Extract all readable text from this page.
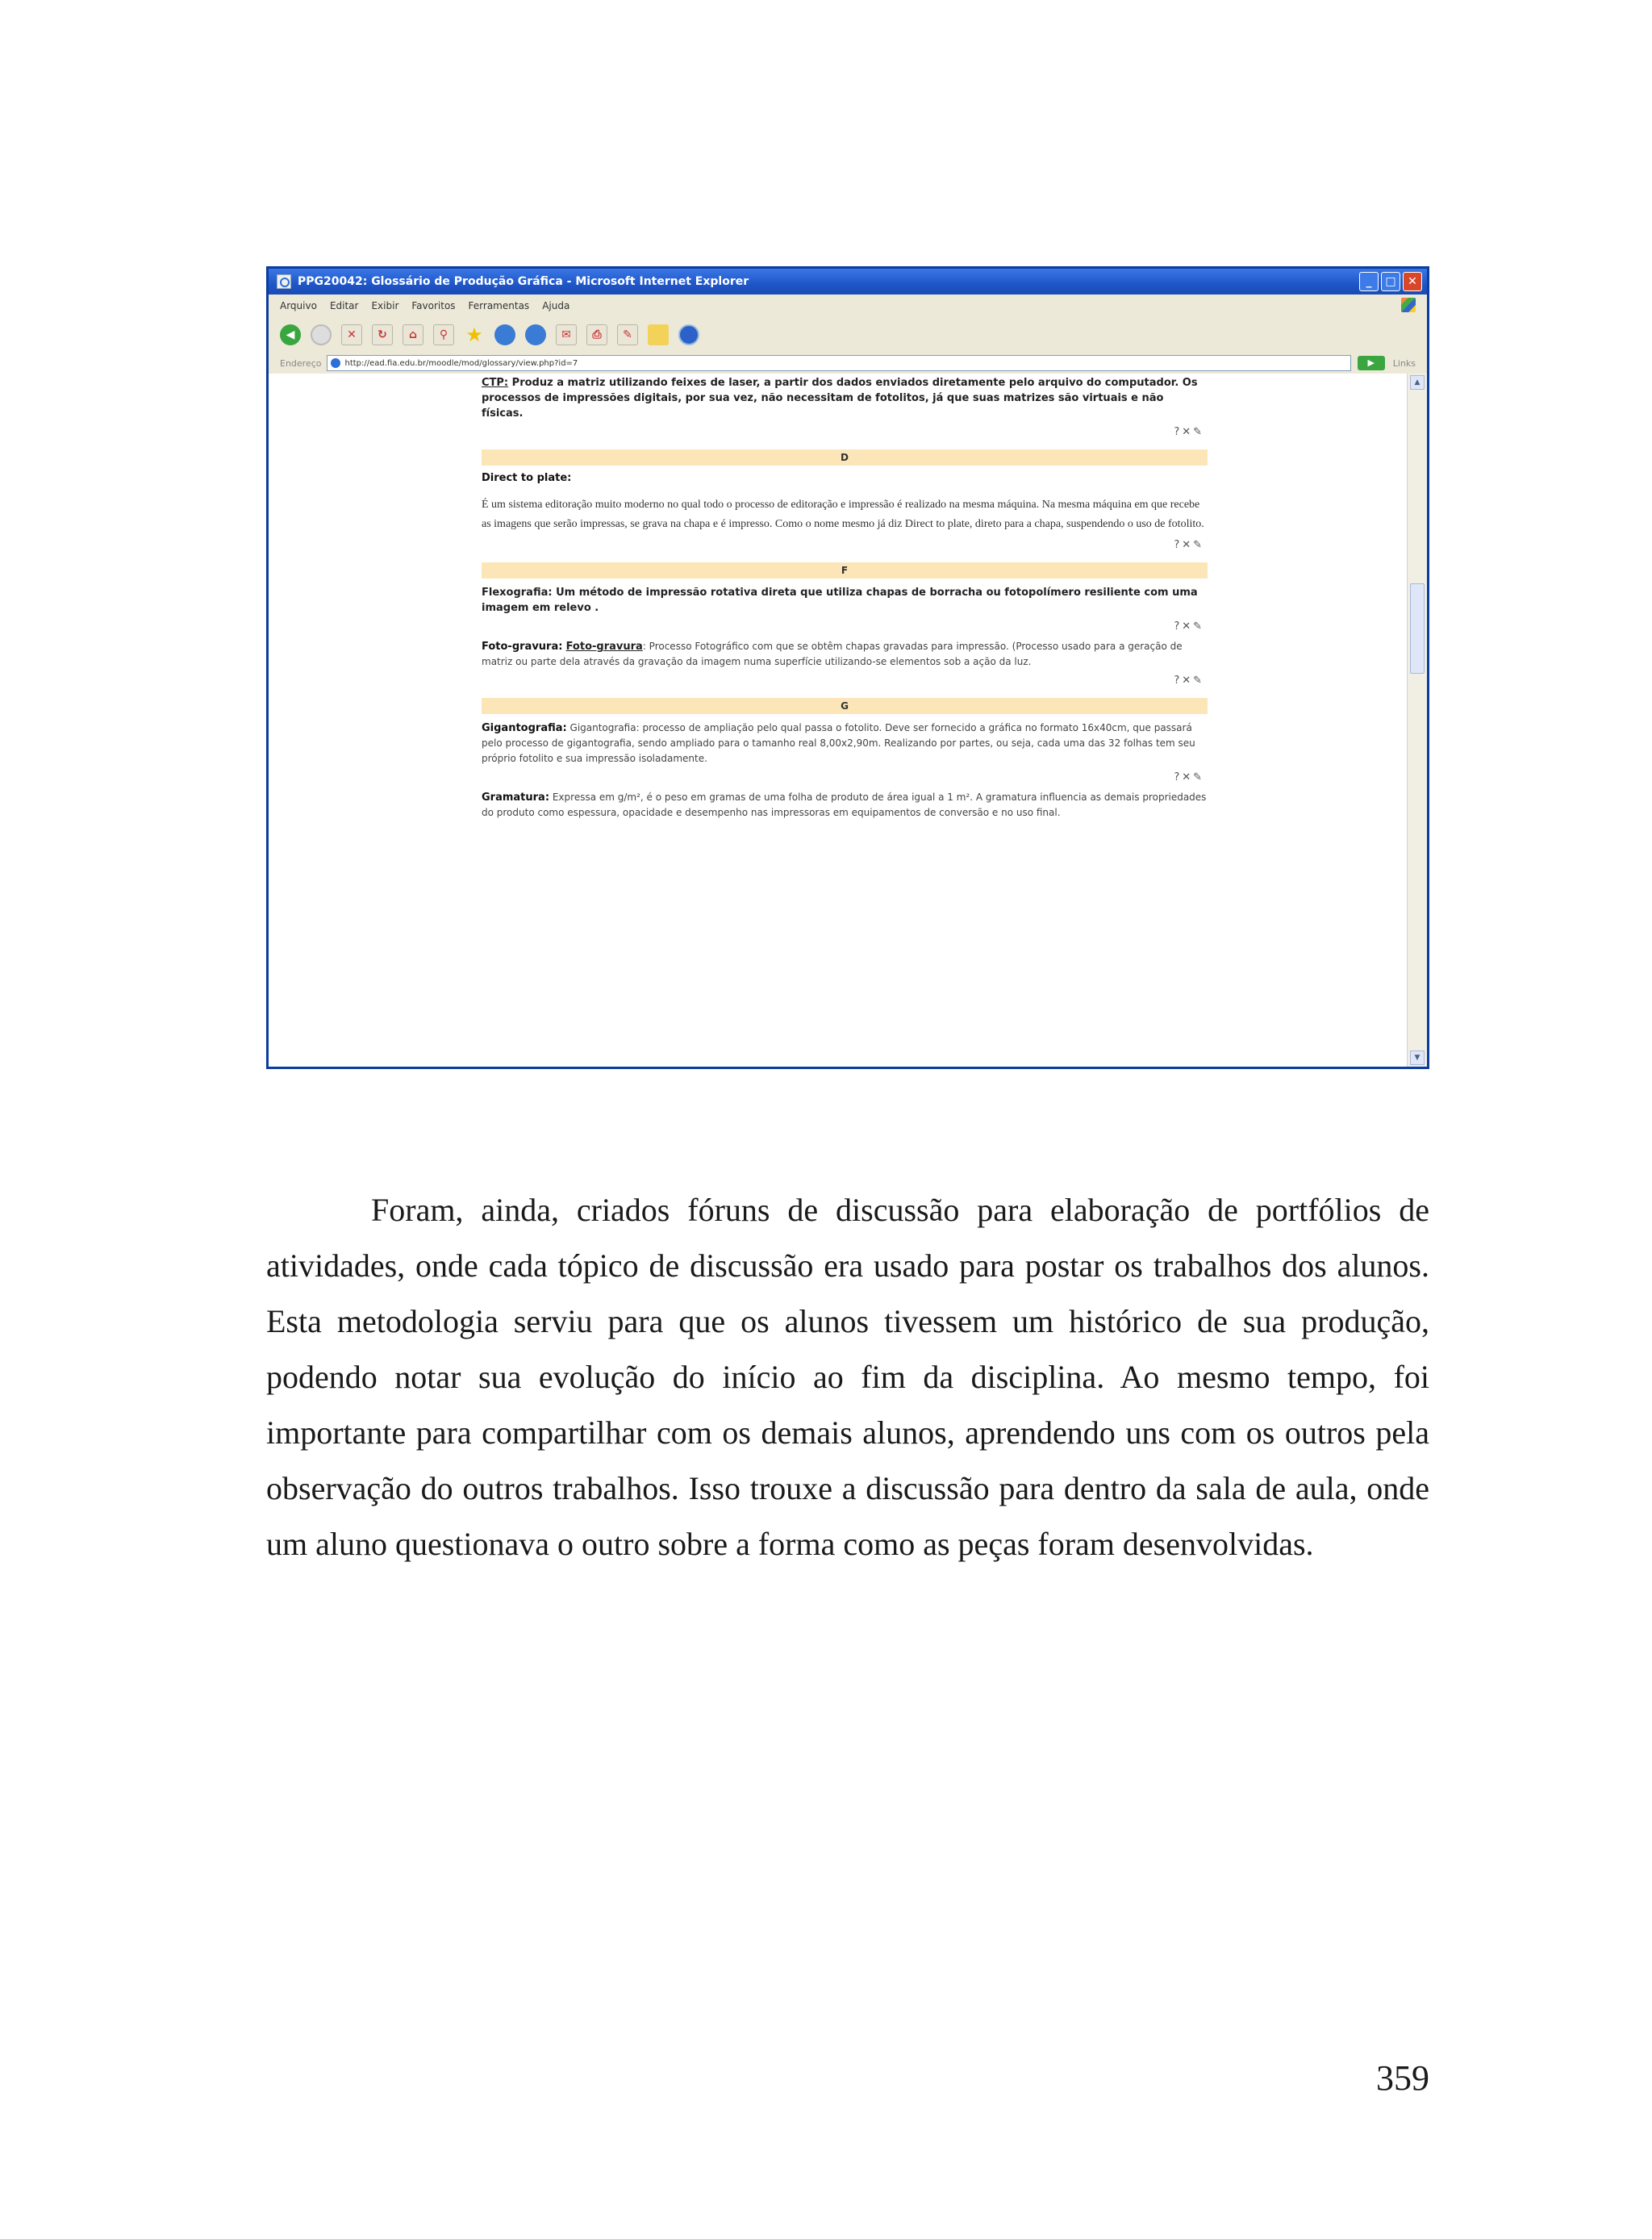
PPG20042: Glossário de Produção Gráfica - Microsoft Internet Explorer	_	□	✕
Arquivo Editar Exibir Favoritos Ferramentas Ajuda
◀	✕	↻	⌂	⚲ ★	✉	⎙	✎
Endereço	http://ead.fia.edu.br/moodle/mod/glossary/view.php?id=7	▶	Links

CTP: Produz a matriz utilizando feixes de laser, a partir dos dados enviados diretamente pelo arquivo do computador. Os processos de impressões digitais, por sua vez, não necessitam de fotolitos, já que suas matrizes são virtuais e não físicas.

?✕✎
D
Direct to plate:

É um sistema editoração muito moderno no qual todo o processo de editoração e impressão é realizado na mesma máquina. Na mesma máquina em que recebe as imagens que serão impressas, se grava na chapa e é impresso. Como o nome mesmo já diz Direct to plate, direto para a chapa, suspendendo o uso de fotolito.

?✕✎
F

Flexografia: Um método de impressão rotativa direta que utiliza chapas de borracha ou fotopolímero resiliente com uma imagem em relevo .

?✕✎

Foto-gravura: Foto-gravura: Processo Fotográfico com que se obtêm chapas gravadas para impressão. (Processo usado para a geração de matriz ou parte dela através da gravação da imagem numa superfície utilizando-se elementos sob a ação da luz.

?✕✎
G

Gigantografia: Gigantografia: processo de ampliação pelo qual passa o fotolito. Deve ser fornecido a gráfica no formato 16x40cm, que passará pelo processo de gigantografia, sendo ampliado para o tamanho real 8,00x2,90m. Realizando por partes, ou seja, cada uma das 32 folhas tem seu próprio fotolito e sua impressão isoladamente.

?✕✎

Gramatura: Expressa em g/m², é o peso em gramas de uma folha de produto de área igual a 1 m². A gramatura influencia as demais propriedades do produto como espessura, opacidade e desempenho nas impressoras em equipamentos de conversão e no uso final.

▲
▼

Foram, ainda, criados fóruns de discussão para elaboração de portfólios de atividades, onde cada tópico de discussão era usado para postar os trabalhos dos alunos. Esta metodologia serviu para que os alunos tivessem um histórico de sua produção, podendo notar sua evolução do início ao fim da disciplina. Ao mesmo tempo, foi importante para compartilhar com os demais alunos, aprendendo uns com os outros pela observação do outros trabalhos. Isso trouxe a discussão para dentro da sala de aula, onde um aluno questionava o outro sobre a forma como as peças foram desenvolvidas.

359
